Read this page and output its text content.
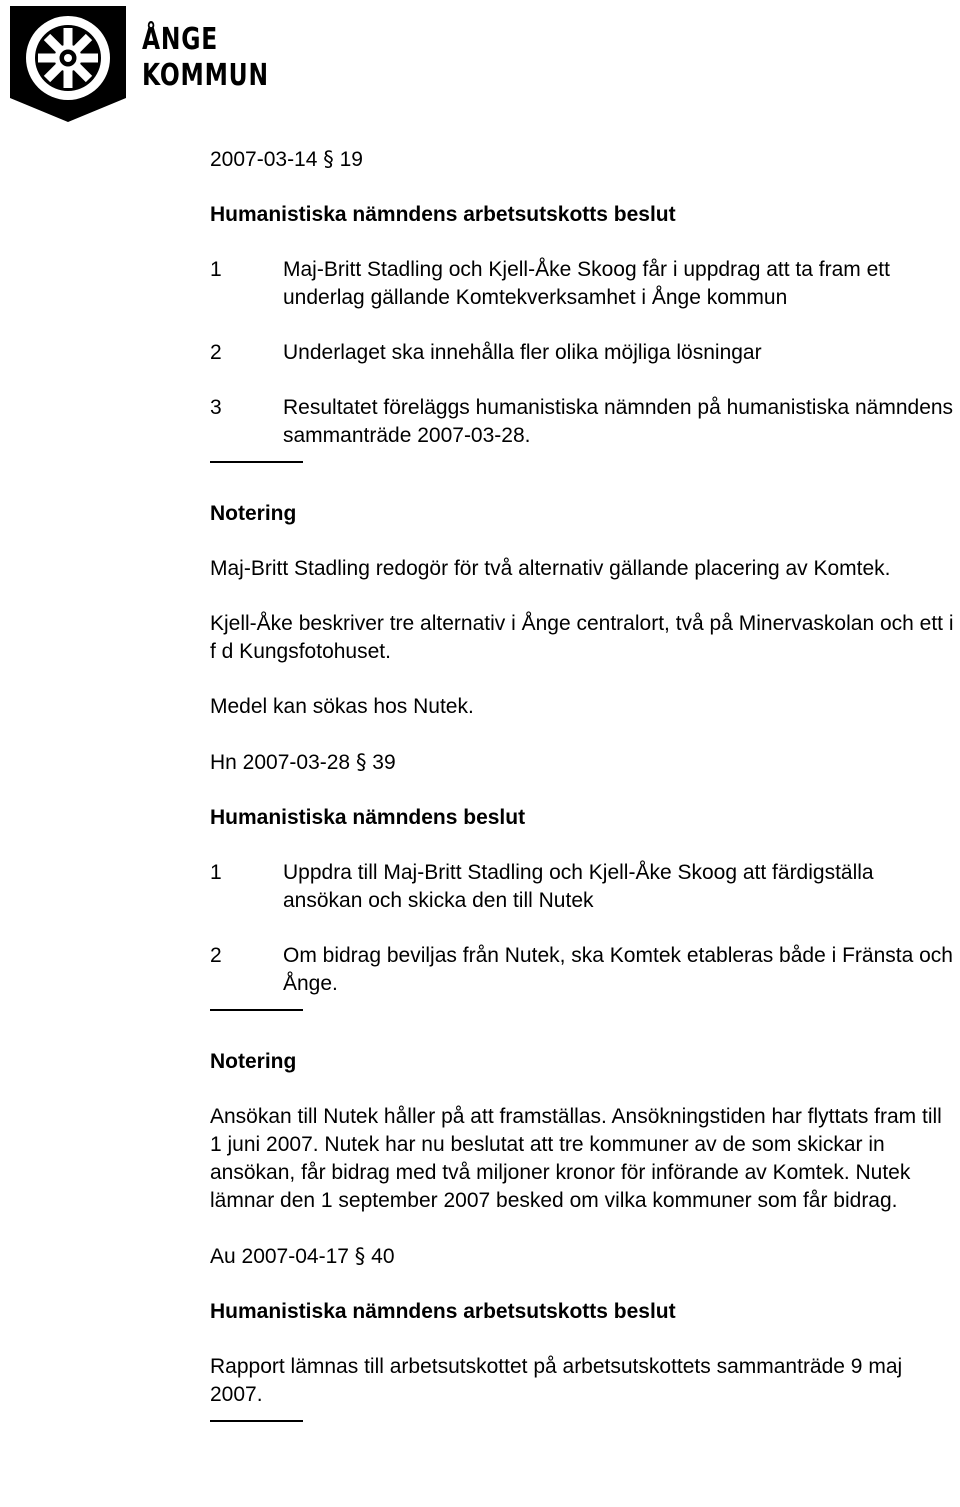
ÅNGE
KOMMUN
2007-03-14 § 19
Humanistiska nämndens arbetsutskotts beslut
1	Maj-Britt Stadling och Kjell-Åke Skoog får i uppdrag att ta fram ett underlag gällande Komtekverksamhet i Ånge kommun
2	Underlaget ska innehålla fler olika möjliga lösningar
3	Resultatet föreläggs humanistiska nämnden på humanistiska nämndens sammanträde 2007-03-28.
Notering
Maj-Britt Stadling redogör för två alternativ gällande placering av Komtek.
Kjell-Åke beskriver tre alternativ i Ånge centralort, två på Minervaskolan och ett i f d Kungsfotohuset.
Medel kan sökas hos Nutek.
Hn 2007-03-28 § 39
Humanistiska nämndens beslut
1	Uppdra till Maj-Britt Stadling och Kjell-Åke Skoog att färdigställa ansökan och skicka den till Nutek
2	Om bidrag beviljas från Nutek, ska Komtek etableras både i Fränsta och Ånge.
Notering
Ansökan till Nutek håller på att framställas. Ansökningstiden har flyttats fram till 1 juni 2007. Nutek har nu beslutat att tre kommuner av de som skickar in ansökan, får bidrag med två miljoner kronor för införande av Komtek. Nutek lämnar den 1 september 2007 besked om vilka kommuner som får bidrag.
Au 2007-04-17 § 40
Humanistiska nämndens arbetsutskotts beslut
Rapport lämnas till arbetsutskottet på arbetsutskottets sammanträde 9 maj 2007.
